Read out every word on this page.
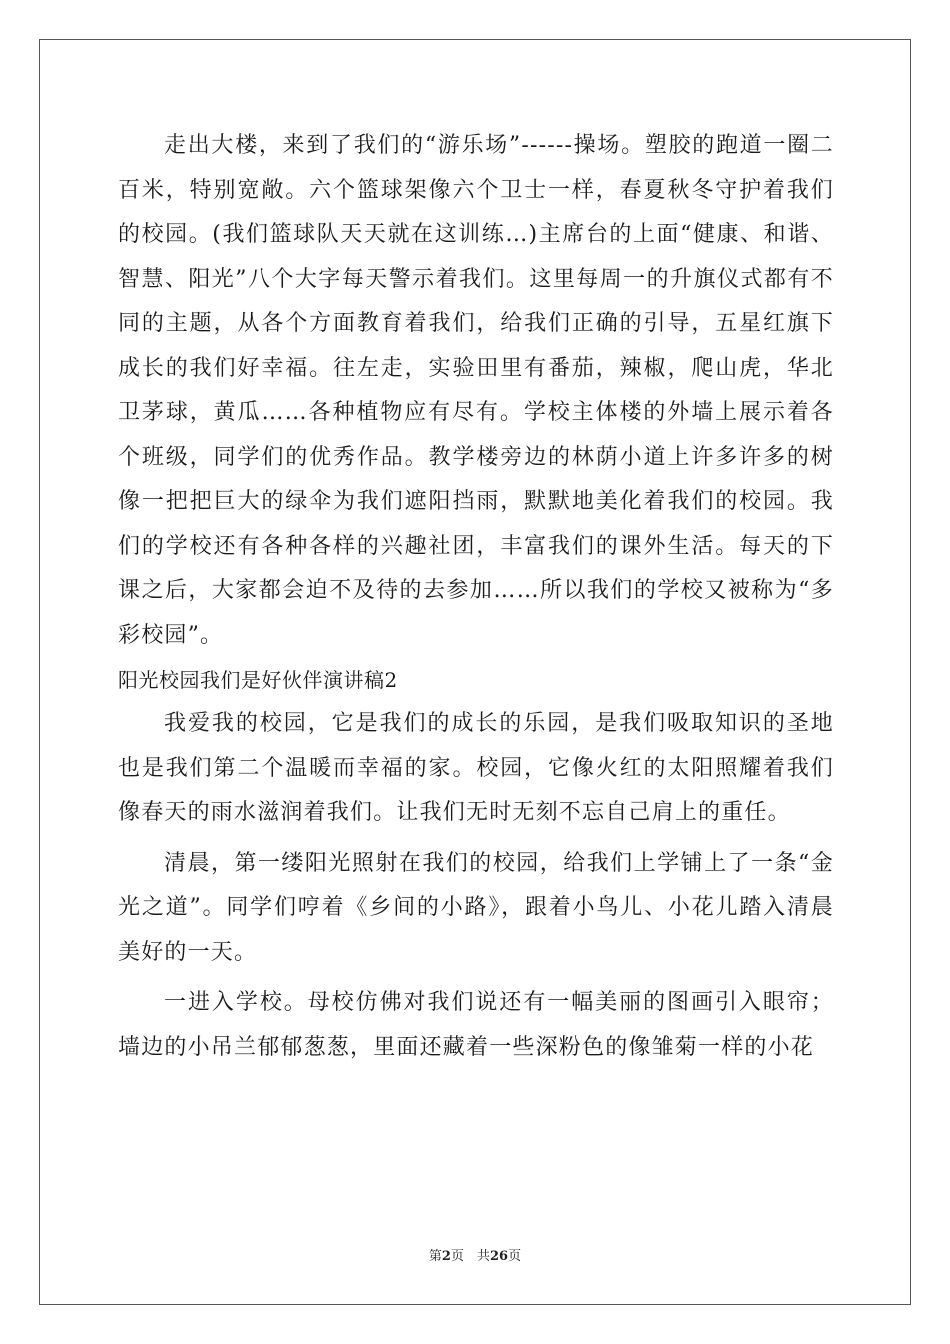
走出大楼，来到了我们的“游乐场”------操场。塑胶的跑道一圈二百米，特别宽敞。六个篮球架像六个卫士一样，春夏秋冬守护着我们的校园。(我们篮球队天天就在这训练…)主席台的上面“健康、和谐、智慧、阳光”八个大字每天警示着我们。这里每周一的升旗仪式都有不同的主题，从各个方面教育着我们，给我们正确的引导，五星红旗下成长的我们好幸福。往左走，实验田里有番茄，辣椒，爬山虎，华北卫茅球，黄瓜……各种植物应有尽有。学校主体楼的外墙上展示着各个班级，同学们的优秀作品。教学楼旁边的林荫小道上许多许多的树像一把把巨大的绿伞为我们遮阳挡雨，默默地美化着我们的校园。我们的学校还有各种各样的兴趣社团，丰富我们的课外生活。每天的下课之后，大家都会迫不及待的去参加……所以我们的学校又被称为“多彩校园”。

阳光校园我们是好伙伴演讲稿2

我爱我的校园，它是我们的成长的乐园，是我们吸取知识的圣地也是我们第二个温暖而幸福的家。校园，它像火红的太阳照耀着我们像春天的雨水滋润着我们。让我们无时无刻不忘自己肩上的重任。

清晨，第一缕阳光照射在我们的校园，给我们上学铺上了一条“金光之道”。同学们哼着《乡间的小路》，跟着小鸟儿、小花儿踏入清晨美好的一天。

一进入学校。母校仿佛对我们说还有一幅美丽的图画引入眼帘；墙边的小吊兰郁郁葱葱，里面还藏着一些深粉色的像雏菊一样的小花

第2页　共26页
